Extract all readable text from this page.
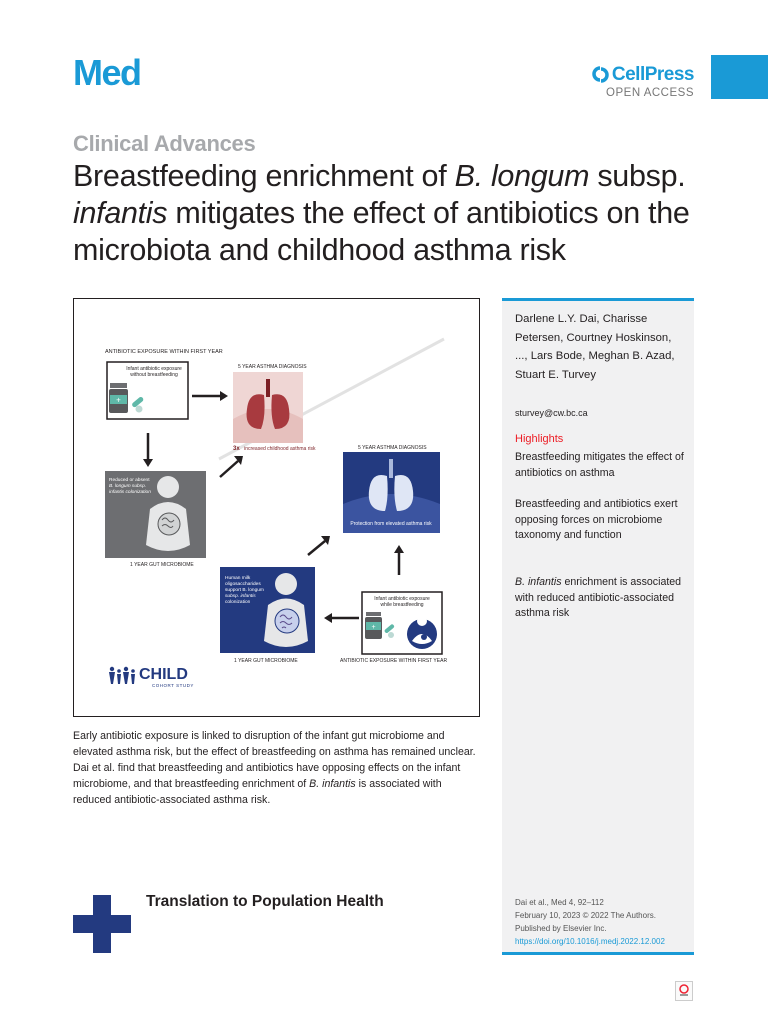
Med	CellPress
OPEN ACCESS
Clinical Advances
Breastfeeding enrichment of B. longum subsp. infantis mitigates the effect of antibiotics on the microbiota and childhood asthma risk
ANTIBIOTIC EXPOSURE WITHIN FIRST YEAR
Infant antibiotic exposure
without breastfeeding
+
5 YEAR ASTHMA DIAGNOSIS
3x increased childhood asthma risk
Reduced or absent
B. longum subsp.
infantis colonization
1 YEAR GUT MICROBIOME
5 YEAR ASTHMA DIAGNOSIS
Protection from elevated asthma risk
Human milk
oligosaccharides
support B. longum
subsp. infantis
colonization
1 YEAR GUT MICROBIOME
Infant antibiotic exposure
while breastfeeding
+
ANTIBIOTIC EXPOSURE WITHIN FIRST YEAR
CHILD
COHORT STUDY

Early antibiotic exposure is linked to disruption of the infant gut microbiome and elevated asthma risk, but the effect of breastfeeding on asthma has remained unclear. Dai et al. find that breastfeeding and antibiotics have opposing effects on the infant microbiome, and that breastfeeding enrichment of B. infantis is associated with reduced antibiotic-associated asthma risk.

Darlene L.Y. Dai, Charisse Petersen, Courtney Hoskinson, ..., Lars Bode, Meghan B. Azad, Stuart E. Turvey
sturvey@cw.bc.ca
Highlights
Breastfeeding mitigates the effect of antibiotics on asthma
Breastfeeding and antibiotics exert opposing forces on microbiome taxonomy and function
B. infantis enrichment is associated with reduced antibiotic-associated asthma risk
Dai et al., Med 4, 92–112
February 10, 2023 © 2022 The Authors.
Published by Elsevier Inc.
https://doi.org/10.1016/j.medj.2022.12.002
Translation to Population Health
